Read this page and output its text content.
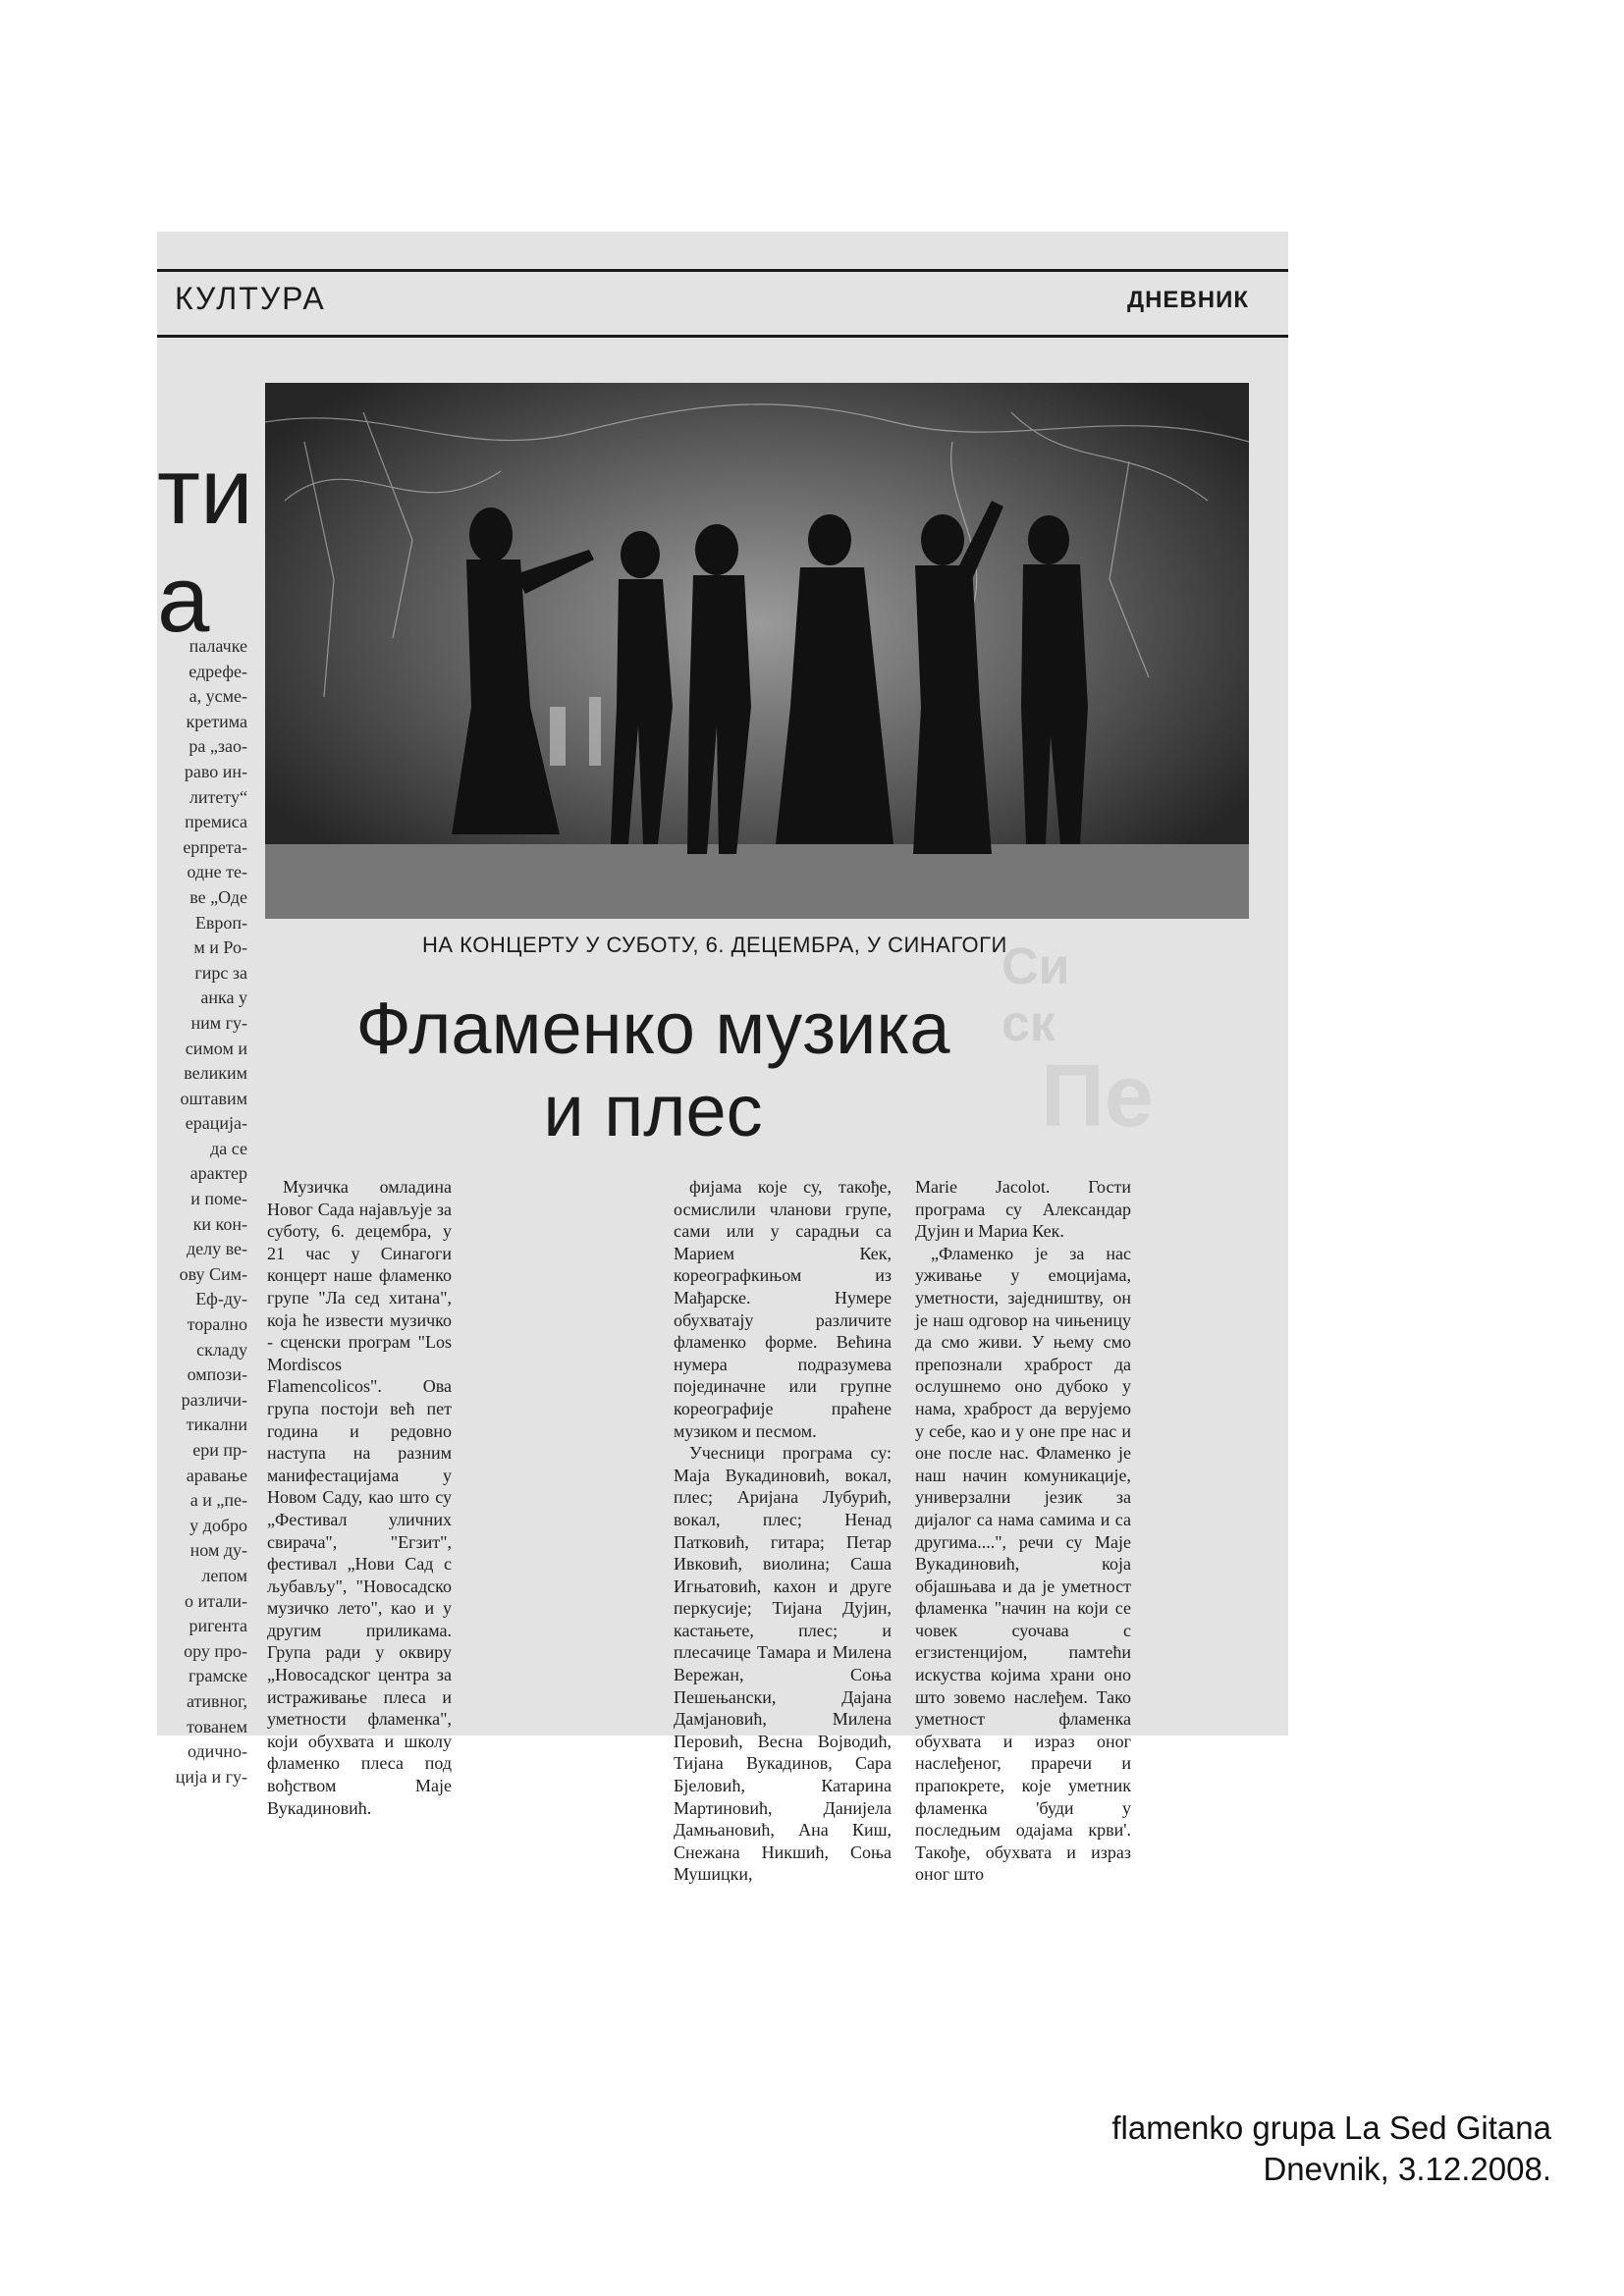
КУЛТУРА	ДНЕВНИК
ти
а
палачке
едрефе-
а, усме-
кретима
ра „зао-
раво ин-
литету“
премиса
ерпрета-
одне те-
ве „Оде
Европ-
м и Ро-
гирс за
анка у
ним гу-
симом и
великим
оштавим
ерација-
да се
арактер
и поме-
ки кон-
делу ве-
ову Сим-
Еф-ду-
торално
складу
омпози-
различи-
тикални
ери пр-
аравање
а и „пе-
у добро
ном ду-
лепом
о итали-
ригента
ору про-
грамске
ативног,
тованем
одично-
ција и гу-
НА КОНЦЕРТУ У СУБОТУ, 6. ДЕЦЕМБРА, У СИНАГОГИ
Си
ск
Пе
Фламенко музика
и плес

Музичка омладина Новог Сада најављује за суботу, 6. децембра, у 21 час у Синагоги концерт наше фламенко групе "Ла сед хитана", која ће извести музичко - сценски програм "Los Mordiscos Flamencolicos". Ова група постоји већ пет година и редовно наступа на разним манифестацијама у Новом Саду, као што су „Фестивал уличних свирача", "Егзит", фестивал „Нови Сад с љубављу", "Новосадско музичко лето", као и у другим приликама. Група ради у оквиру „Новосадског центра за истраживање плеса и уметности фламенка", који обухвата и школу фламенко плеса под вођством Маје Вукадиновић.

фијама које су, такође, осмислили чланови групе, сами или у сарадњи са Марием Кек, кореографкињом из Мађарске. Нумере обухватају различите фламенко форме. Већина нумера подразумева појединачне или групне кореографије праћене музиком и песмом.

Учесници програма су: Маја Вукадиновић, вокал, плес; Аријана Лубурић, вокал, плес; Ненад Патковић, гитара; Петар Ивковић, виолина; Саша Игњатовић, кахон и друге перкусије; Тијана Дујин, кастањете, плес; и плесачице Тамара и Милена Вережан, Соња Пешењански, Дајана Дамјановић, Милена Перовић, Весна Војводић, Тијана Вукадинов, Сара Бјеловић, Катарина Мартиновић, Данијела Дамњановић, Ана Киш, Снежана Никшић, Соња Мушицки,

Marie Jacolot. Гости програма су Александар Дујин и Мариа Кек.

„Фламенко је за нас уживање у емоцијама, уметности, заједништву, он је наш одговор на чињеницу да смо живи. У њему смо препознали храброст да ослушнемо оно дубоко у нама, храброст да верујемо у себе, као и у оне пре нас и оне после нас. Фламенко је наш начин комуникације, универзални језик за дијалог са нама самима и са другима....", речи су Маје Вукадиновић, која објашњава и да је уметност фламенка "начин на који се човек суочава с егзистенцијом, памтећи искуства којима храни оно што зовемо наслеђем. Тако уметност фламенка обухвата и израз оног наслеђеног, праречи и прапокрете, које уметник фламенка 'буди у последњим одајама крви'. Такође, обухвата и израз оног што

flamenko grupa La Sed Gitana
Dnevnik, 3.12.2008.
